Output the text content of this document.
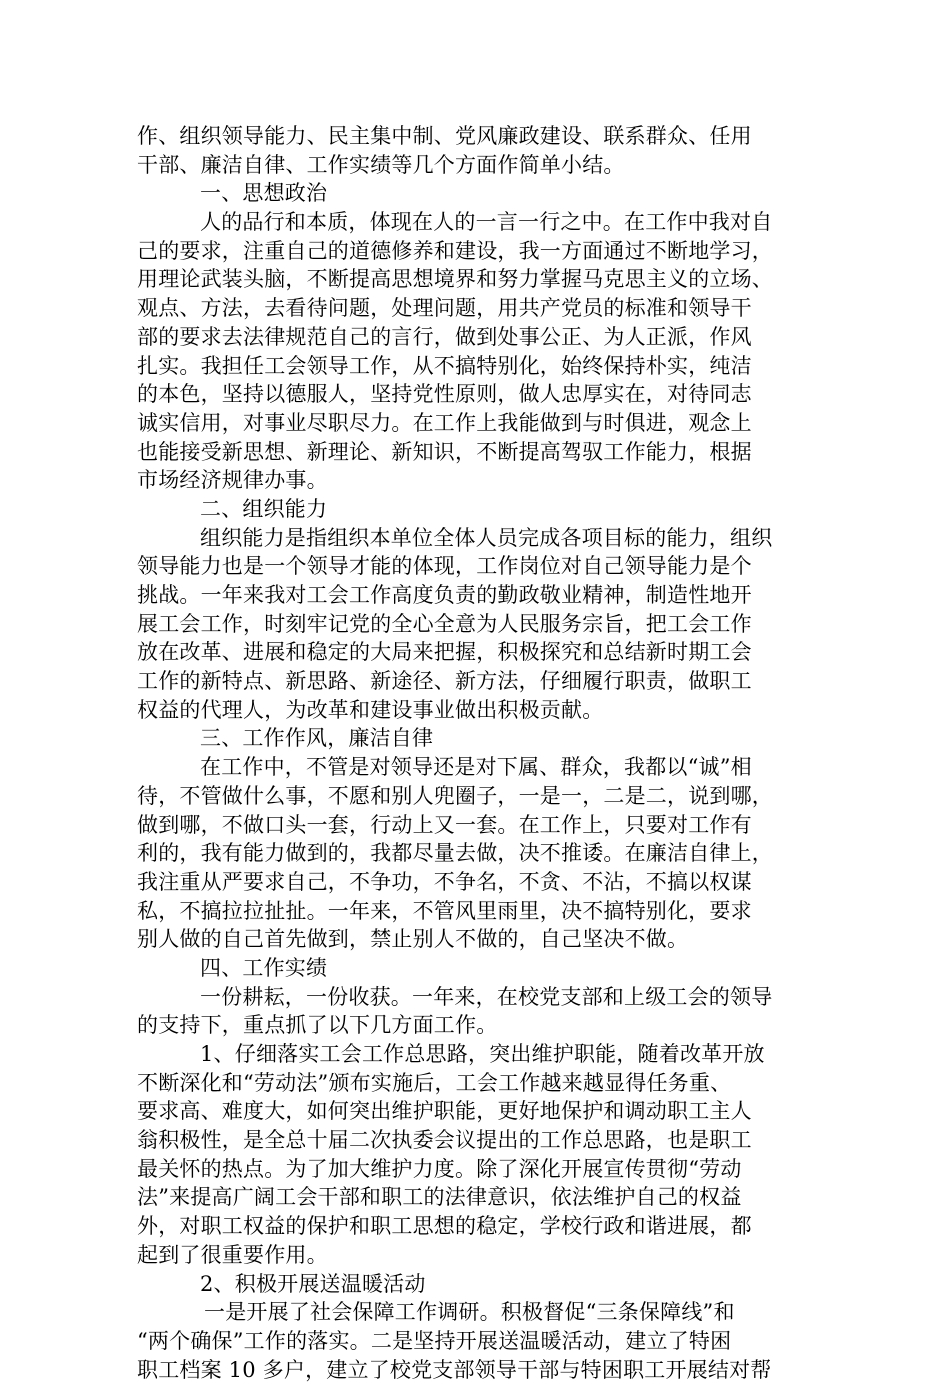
作、组织领导能力、民主集中制、党风廉政建设、联系群众、任用
干部、廉洁自律、工作实绩等几个方面作简单小结。
一、思想政治
人的品行和本质，体现在人的一言一行之中。在工作中我对自
己的要求，注重自己的道德修养和建设，我一方面通过不断地学习，
用理论武装头脑，不断提高思想境界和努力掌握马克思主义的立场、
观点、方法，去看待问题，处理问题，用共产党员的标准和领导干
部的要求去法律规范自己的言行，做到处事公正、为人正派，作风
扎实。我担任工会领导工作，从不搞特别化，始终保持朴实，纯洁
的本色，坚持以德服人，坚持党性原则，做人忠厚实在，对待同志
诚实信用，对事业尽职尽力。在工作上我能做到与时俱进，观念上
也能接受新思想、新理论、新知识，不断提高驾驭工作能力，根据
市场经济规律办事。
二、组织能力
组织能力是指组织本单位全体人员完成各项目标的能力，组织
领导能力也是一个领导才能的体现，工作岗位对自己领导能力是个
挑战。一年来我对工会工作高度负责的勤政敬业精神，制造性地开
展工会工作，时刻牢记党的全心全意为人民服务宗旨，把工会工作
放在改革、进展和稳定的大局来把握，积极探究和总结新时期工会
工作的新特点、新思路、新途径、新方法，仔细履行职责，做职工
权益的代理人，为改革和建设事业做出积极贡献。
三、工作作风，廉洁自律
在工作中，不管是对领导还是对下属、群众，我都以“诚”相
待，不管做什么事，不愿和别人兜圈子，一是一，二是二，说到哪，
做到哪，不做口头一套，行动上又一套。在工作上，只要对工作有
利的，我有能力做到的，我都尽量去做，决不推诿。在廉洁自律上，
我注重从严要求自己，不争功，不争名，不贪、不沾，不搞以权谋
私，不搞拉拉扯扯。一年来，不管风里雨里，决不搞特别化，要求
别人做的自己首先做到，禁止别人不做的，自己坚决不做。
四、工作实绩
一份耕耘，一份收获。一年来，在校党支部和上级工会的领导
的支持下，重点抓了以下几方面工作。
1、仔细落实工会工作总思路，突出维护职能，随着改革开放
不断深化和“劳动法”颁布实施后，工会工作越来越显得任务重、
要求高、难度大，如何突出维护职能，更好地保护和调动职工主人
翁积极性，是全总十届二次执委会议提出的工作总思路，也是职工
最关怀的热点。为了加大维护力度。除了深化开展宣传贯彻“劳动
法”来提高广阔工会干部和职工的法律意识，依法维护自己的权益
外，对职工权益的保护和职工思想的稳定，学校行政和谐进展，都
起到了很重要作用。
2、积极开展送温暖活动
一是开展了社会保障工作调研。积极督促“三条保障线”和
“两个确保”工作的落实。二是坚持开展送温暖活动，建立了特困
职工档案 10 多户，建立了校党支部领导干部与特困职工开展结对帮
